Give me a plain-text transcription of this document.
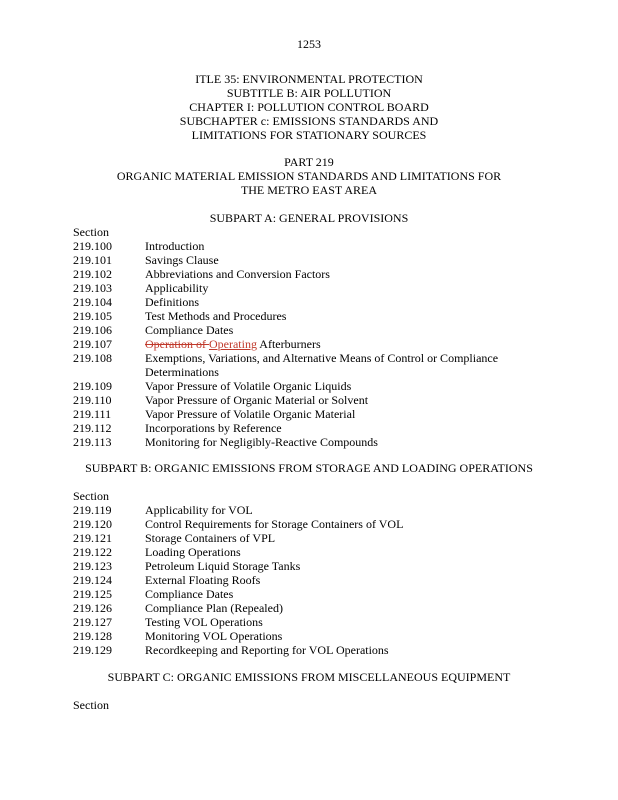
1253
ITLE 35: ENVIRONMENTAL PROTECTION
SUBTITLE B: AIR POLLUTION
CHAPTER I: POLLUTION CONTROL BOARD
SUBCHAPTER c: EMISSIONS STANDARDS AND
LIMITATIONS FOR STATIONARY SOURCES
PART 219
ORGANIC MATERIAL EMISSION STANDARDS AND LIMITATIONS FOR
THE METRO EAST AREA
SUBPART A: GENERAL PROVISIONS
Section
219.100	Introduction
219.101	Savings Clause
219.102	Abbreviations and Conversion Factors
219.103	Applicability
219.104	Definitions
219.105	Test Methods and Procedures
219.106	Compliance Dates
219.107	Operation of Operating Afterburners
219.108	Exemptions, Variations, and Alternative Means of Control or Compliance Determinations
219.109	Vapor Pressure of Volatile Organic Liquids
219.110	Vapor Pressure of Organic Material or Solvent
219.111	Vapor Pressure of Volatile Organic Material
219.112	Incorporations by Reference
219.113	Monitoring for Negligibly-Reactive Compounds
SUBPART B: ORGANIC EMISSIONS FROM STORAGE AND LOADING OPERATIONS
Section
219.119	Applicability for VOL
219.120	Control Requirements for Storage Containers of VOL
219.121	Storage Containers of VPL
219.122	Loading Operations
219.123	Petroleum Liquid Storage Tanks
219.124	External Floating Roofs
219.125	Compliance Dates
219.126	Compliance Plan (Repealed)
219.127	Testing VOL Operations
219.128	Monitoring VOL Operations
219.129	Recordkeeping and Reporting for VOL Operations
SUBPART C: ORGANIC EMISSIONS FROM MISCELLANEOUS EQUIPMENT
Section
